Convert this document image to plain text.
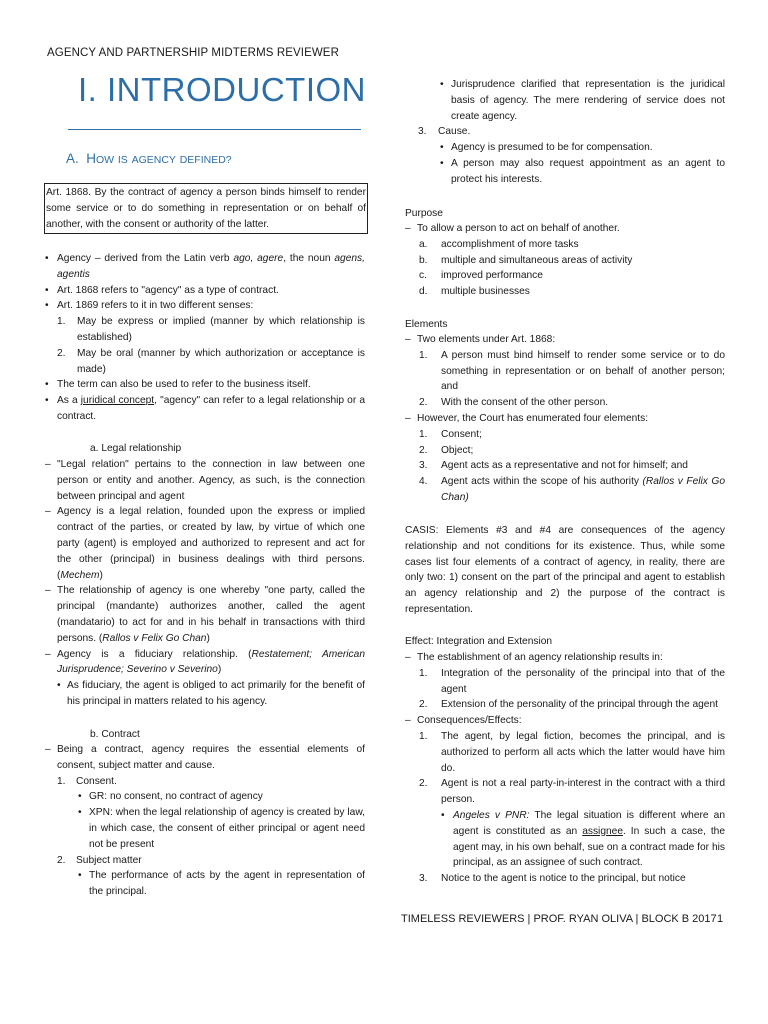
AGENCY AND PARTNERSHIP MIDTERMS REVIEWER
I. INTRODUCTION
A.  HOW IS AGENCY DEFINED?
Art. 1868. By the contract of agency a person binds himself to render some service or to do something in representation or on behalf of another, with the consent or authority of the latter.
• Agency – derived from the Latin verb ago, agere, the noun agens, agentis
• Art. 1868 refers to "agency" as a type of contract.
• Art. 1869 refers to it in two different senses:
1. May be express or implied (manner by which relationship is established)
2. May be oral (manner by which authorization or acceptance is made)
• The term can also be used to refer to the business itself.
• As a juridical concept, "agency" can refer to a legal relationship or a contract.
a. Legal relationship
– "Legal relation" pertains to the connection in law between one person or entity and another. Agency, as such, is the connection between principal and agent
– Agency is a legal relation, founded upon the express or implied contract of the parties, or created by law, by virtue of which one party (agent) is employed and authorized to represent and act for the other (principal) in business dealings with third persons. (Mechem)
– The relationship of agency is one whereby "one party, called the principal (mandante) authorizes another, called the agent (mandatario) to act for and in his behalf in transactions with third persons. (Rallos v Felix Go Chan)
– Agency is a fiduciary relationship. (Restatement; American Jurisprudence; Severino v Severino)
• As fiduciary, the agent is obliged to act primarily for the benefit of his principal in matters related to his agency.
b. Contract
– Being a contract, agency requires the essential elements of consent, subject matter and cause.
1. Consent.
• GR: no consent, no contract of agency
• XPN: when the legal relationship of agency is created by law, in which case, the consent of either principal or agent need not be present
2. Subject matter
• The performance of acts by the agent in representation of the principal.
• Jurisprudence clarified that representation is the juridical basis of agency. The mere rendering of service does not create agency.
3. Cause.
• Agency is presumed to be for compensation.
• A person may also request appointment as an agent to protect his interests.
Purpose
– To allow a person to act on behalf of another.
a. accomplishment of more tasks
b. multiple and simultaneous areas of activity
c. improved performance
d. multiple businesses
Elements
– Two elements under Art. 1868:
1. A person must bind himself to render some service or to do something in representation or on behalf of another person; and
2. With the consent of the other person.
– However, the Court has enumerated four elements:
1. Consent;
2. Object;
3. Agent acts as a representative and not for himself; and
4. Agent acts within the scope of his authority (Rallos v Felix Go Chan)
CASIS: Elements #3 and #4 are consequences of the agency relationship and not conditions for its existence. Thus, while some cases list four elements of a contract of agency, in reality, there are only two: 1) consent on the part of the principal and agent to establish an agency relationship and 2) the purpose of the contract is representation.
Effect: Integration and Extension
– The establishment of an agency relationship results in:
1. Integration of the personality of the principal into that of the agent
2. Extension of the personality of the principal through the agent
– Consequences/Effects:
1. The agent, by legal fiction, becomes the principal, and is authorized to perform all acts which the latter would have him do.
2. Agent is not a real party-in-interest in the contract with a third person.
• Angeles v PNR: The legal situation is different where an agent is constituted as an assignee. In such a case, the agent may, in his own behalf, sue on a contract made for his principal, as an assignee of such contract.
3. Notice to the agent is notice to the principal, but notice
TIMELESS REVIEWERS | PROF. RYAN OLIVA | BLOCK B 2017 1
